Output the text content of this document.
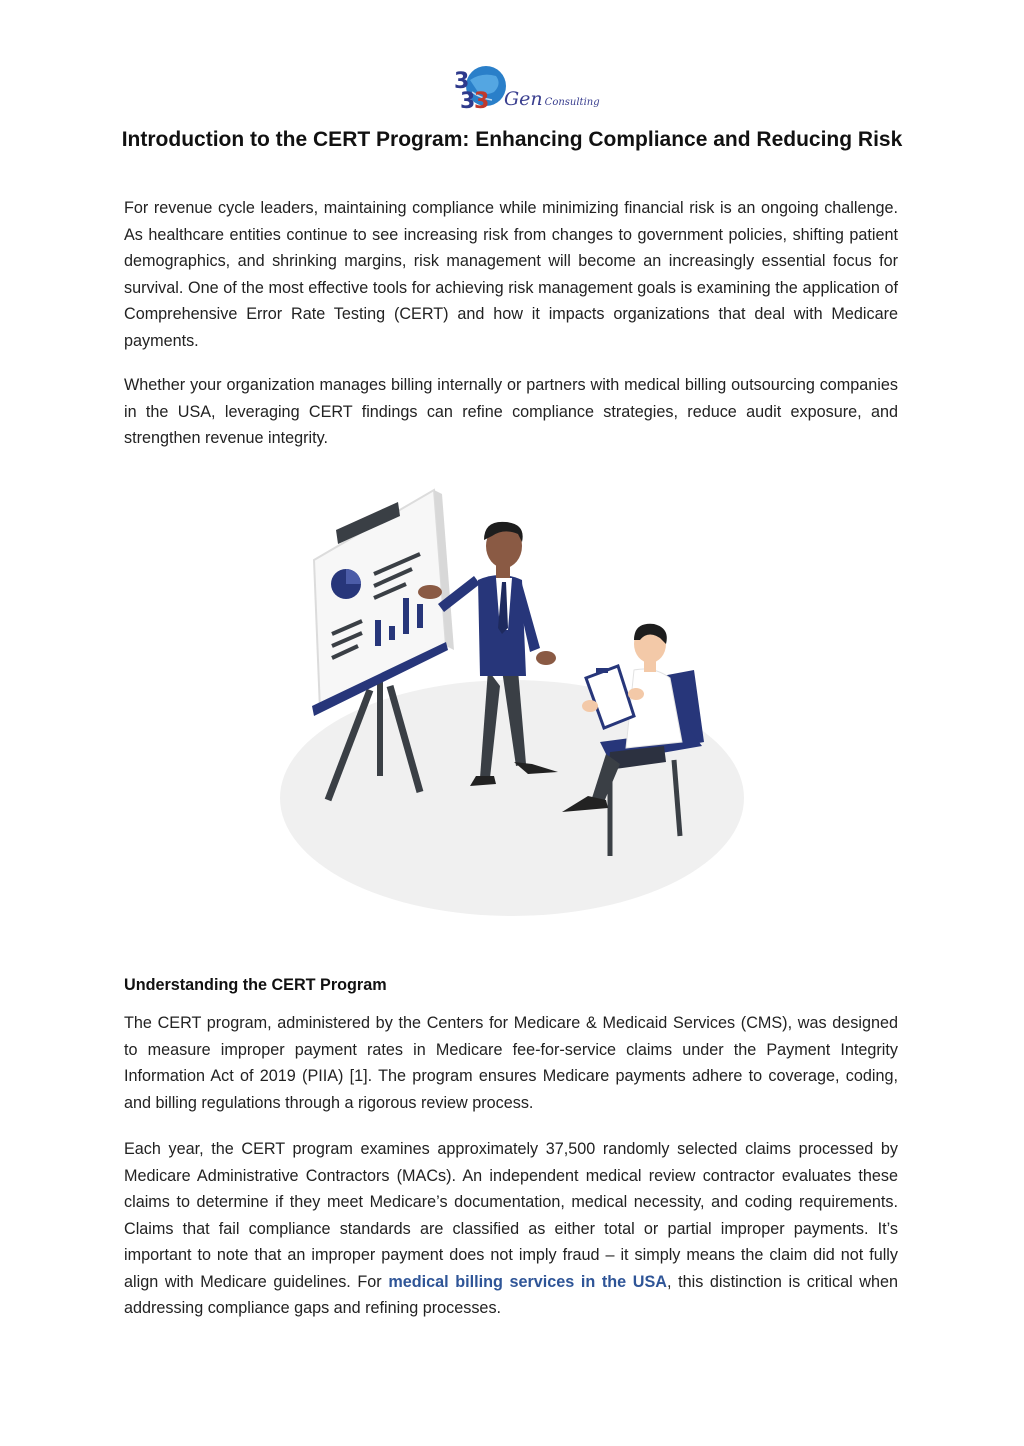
3
3
3 Gen Consulting
Introduction to the CERT Program: Enhancing Compliance and Reducing Risk

For revenue cycle leaders, maintaining compliance while minimizing financial risk is an ongoing challenge. As healthcare entities continue to see increasing risk from changes to government policies, shifting patient demographics, and shrinking margins, risk management will become an increasingly essential focus for survival. One of the most effective tools for achieving risk management goals is examining the application of Comprehensive Error Rate Testing (CERT) and how it impacts organizations that deal with Medicare payments.

Whether your organization manages billing internally or partners with medical billing outsourcing companies in the USA, leveraging CERT findings can refine compliance strategies, reduce audit exposure, and strengthen revenue integrity.

Understanding the CERT Program

The CERT program, administered by the Centers for Medicare & Medicaid Services (CMS), was designed to measure improper payment rates in Medicare fee-for-service claims under the Payment Integrity Information Act of 2019 (PIIA) [1]. The program ensures Medicare payments adhere to coverage, coding, and billing regulations through a rigorous review process.

Each year, the CERT program examines approximately 37,500 randomly selected claims processed by Medicare Administrative Contractors (MACs). An independent medical review contractor evaluates these claims to determine if they meet Medicare’s documentation, medical necessity, and coding requirements. Claims that fail compliance standards are classified as either total or partial improper payments. It’s important to note that an improper payment does not imply fraud – it simply means the claim did not fully align with Medicare guidelines. For medical billing services in the USA, this distinction is critical when addressing compliance gaps and refining processes.
